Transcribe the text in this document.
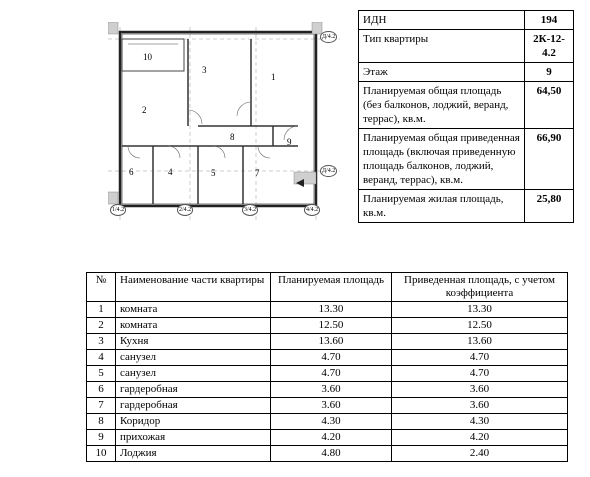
1
2
3
4	5
6	7
8	9
10
Д/4.2
Д/4.2
1/4.2	2/4.2	3/4.2	4/4.2
ИДН	194
Тип квартиры	2К-12-4.2
Этаж	9
Планируемая общая площадь (без балконов, лоджий, веранд, террас), кв.м.	64,50
Планируемая общая приведенная площадь (включая приведенную площадь балконов, лоджий, веранд, террас), кв.м.	66,90
Планируемая жилая площадь, кв.м.	25,80
№	Наименование части квартиры	Планируемая площадь	Приведенная площадь, с учетом коэффициента
1	комната	13.30	13.30
2	комната	12.50	12.50
3	Кухня	13.60	13.60
4	санузел	4.70	4.70
5	санузел	4.70	4.70
6	гардеробная	3.60	3.60
7	гардеробная	3.60	3.60
8	Коридор	4.30	4.30
9	прихожая	4.20	4.20
10	Лоджия	4.80	2.40
